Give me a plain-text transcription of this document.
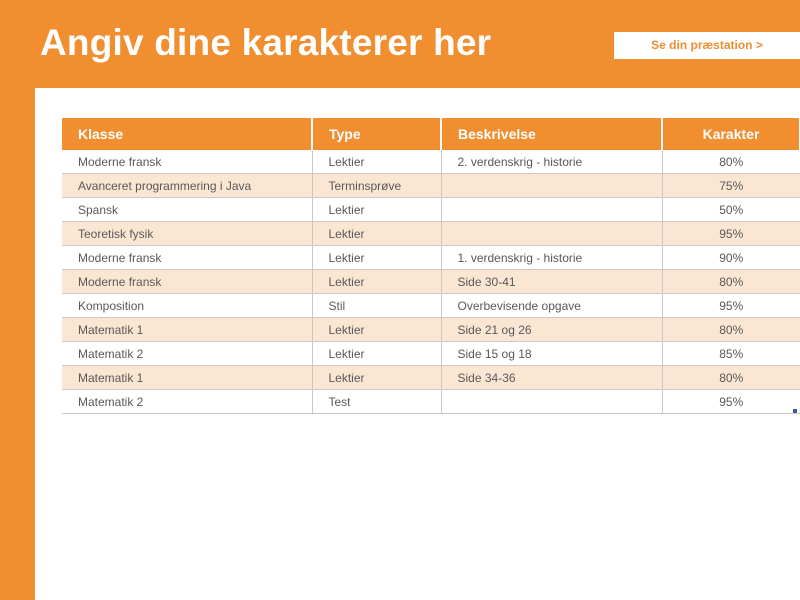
Angiv dine karakterer her	Se din præstation >
Klasse	Type	Beskrivelse	Karakter
Moderne fransk	Lektier	2. verdenskrig - historie	80%
Avanceret programmering i Java	Terminsprøve		75%
Spansk	Lektier		50%
Teoretisk fysik	Lektier		95%
Moderne fransk	Lektier	1. verdenskrig - historie	90%
Moderne fransk	Lektier	Side 30-41	80%
Komposition	Stil	Overbevisende opgave	95%
Matematik 1	Lektier	Side 21 og 26	80%
Matematik 2	Lektier	Side 15 og 18	85%
Matematik 1	Lektier	Side 34-36	80%
Matematik 2	Test		95%
